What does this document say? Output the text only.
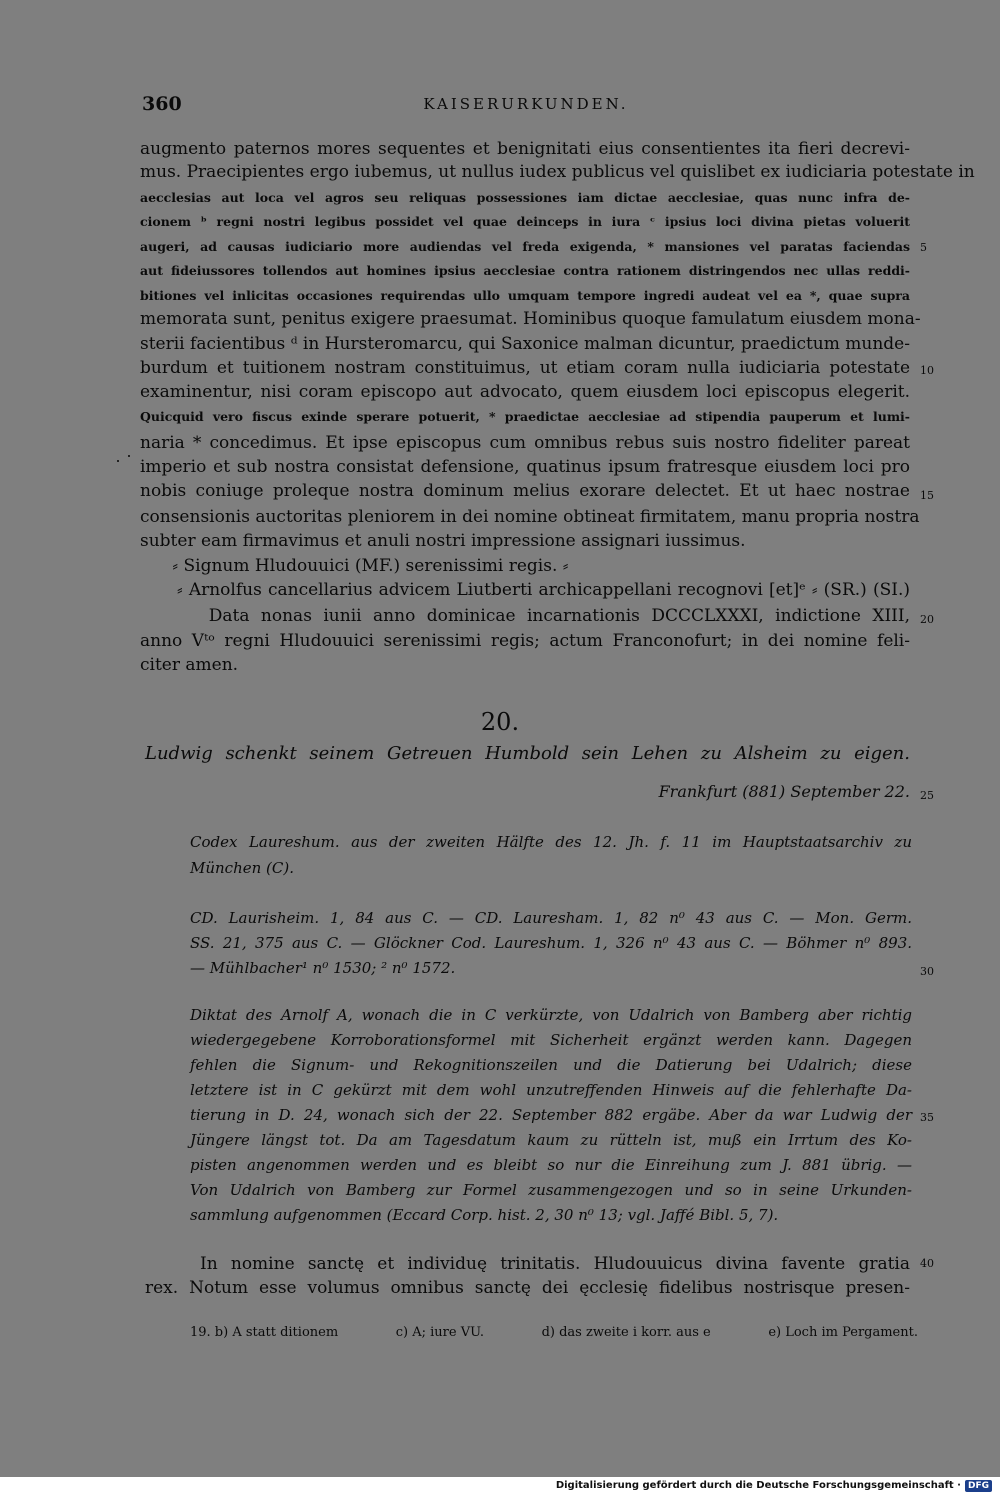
360	KAISERURKUNDEN.
augmento paternos mores sequentes et benignitati eius consentientes ita fieri decrevi-
mus. Praecipientes ergo iubemus, ut nullus iudex publicus vel quislibet ex iudiciaria potestate in
aecclesias aut loca vel agros seu reliquas possessiones iam dictae aecclesiae, quas nunc infra de-
cionem ᵇ regni nostri legibus possidet vel quae deinceps in iura ᶜ ipsius loci divina pietas voluerit
augeri, ad causas iudiciario more audiendas vel freda exigenda, * mansiones vel paratas faciendas
aut fideiussores tollendos aut homines ipsius aecclesiae contra rationem distringendos nec ullas reddi-
bitiones vel inlicitas occasiones requirendas ullo umquam tempore ingredi audeat vel ea *, quae supra
memorata sunt, penitus exigere praesumat. Hominibus quoque famulatum eiusdem mona-
sterii facientibus ᵈ in Hursteromarcu, qui Saxonice malman dicuntur, praedictum munde-
burdum et tuitionem nostram constituimus, ut etiam coram nulla iudiciaria potestate
examinentur, nisi coram episcopo aut advocato, quem eiusdem loci episcopus elegerit.
Quicquid vero fiscus exinde sperare potuerit, * praedictae aecclesiae ad stipendia pauperum et lumi-
naria * concedimus. Et ipse episcopus cum omnibus rebus suis nostro fideliter pareat
imperio et sub nostra consistat defensione, quatinus ipsum fratresque eiusdem loci pro
nobis coniuge proleque nostra dominum melius exorare delectet. Et ut haec nostrae
consensionis auctoritas pleniorem in dei nomine obtineat firmitatem, manu propria nostra
subter eam firmavimus et anuli nostri impressione assignari iussimus.
⸗ Signum Hludouuici (MF.) serenissimi regis. ⸗
⸗ Arnolfus cancellarius advicem Liutberti archicappellani recognovi [et]ᵉ ⸗ (SR.) (SI.)
Data nonas iunii anno dominicae incarnationis DCCCLXXXI, indictione XIII,
anno Vᵗᵒ regni Hludouuici serenissimi regis; actum Franconofurt; in dei nomine feli-
citer amen.
20.
Ludwig schenkt seinem Getreuen Humbold sein Lehen zu Alsheim zu eigen.
Frankfurt (881) September 22.
Codex Laureshum. aus der zweiten Hälfte des 12. Jh. f. 11 im Hauptstaatsarchiv zu
München (C).
CD. Laurisheim. 1, 84 aus C. — CD. Lauresham. 1, 82 n⁰ 43 aus C. — Mon. Germ.
SS. 21, 375 aus C. — Glöckner Cod. Laureshum. 1, 326 n⁰ 43 aus C. — Böhmer n⁰ 893.
— Mühlbacher¹ n⁰ 1530; ² n⁰ 1572.
Diktat des Arnolf A, wonach die in C verkürzte, von Udalrich von Bamberg aber richtig
wiedergegebene Korroborationsformel mit Sicherheit ergänzt werden kann. Dagegen
fehlen die Signum- und Rekognitionszeilen und die Datierung bei Udalrich; diese
letztere ist in C gekürzt mit dem wohl unzutreffenden Hinweis auf die fehlerhafte Da-
tierung in D. 24, wonach sich der 22. September 882 ergäbe. Aber da war Ludwig der
Jüngere längst tot. Da am Tagesdatum kaum zu rütteln ist, muß ein Irrtum des Ko-
pisten angenommen werden und es bleibt so nur die Einreihung zum J. 881 übrig. —
Von Udalrich von Bamberg zur Formel zusammengezogen und so in seine Urkunden-
sammlung aufgenommen (Eccard Corp. hist. 2, 30 n⁰ 13; vgl. Jaffé Bibl. 5, 7).
In nomine sanctę et individuę trinitatis. Hludouuicus divina favente gratia
rex. Notum esse volumus omnibus sanctę dei ęcclesię fidelibus nostrisque presen-
5
10
15
20
25
30
35
40
19. b) A statt ditionem	c) A; iure VU.	d) das zweite i korr. aus e	e) Loch im Pergament.
Digitalisierung gefördert durch die Deutsche Forschungsgemeinschaft · DFG
